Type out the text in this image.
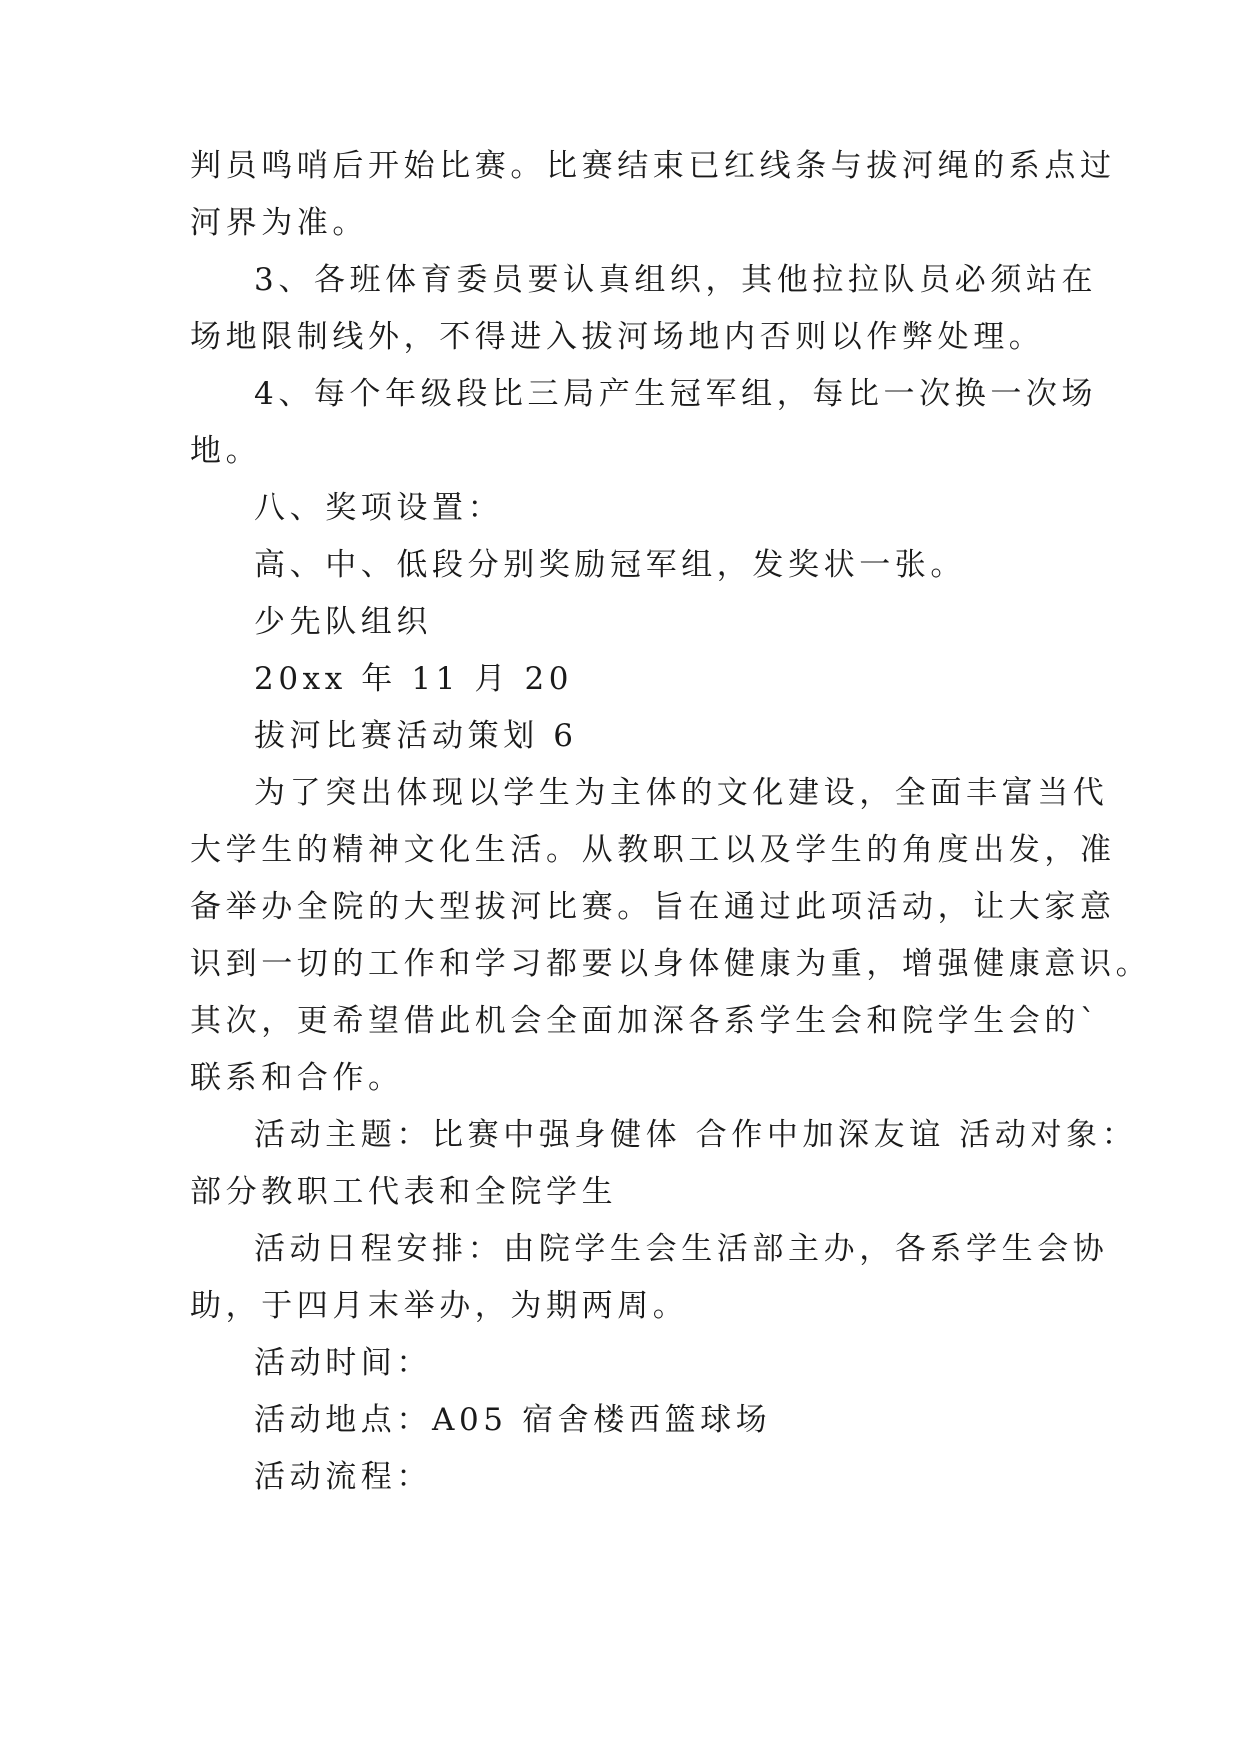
判员鸣哨后开始比赛。比赛结束已红线条与拔河绳的系点过
河界为准。
3、各班体育委员要认真组织，其他拉拉队员必须站在
场地限制线外，不得进入拔河场地内否则以作弊处理。
4、每个年级段比三局产生冠军组，每比一次换一次场
地。
八、奖项设置：
高、中、低段分别奖励冠军组，发奖状一张。
少先队组织
20xx 年 11 月 20
拔河比赛活动策划 6
为了突出体现以学生为主体的文化建设，全面丰富当代
大学生的精神文化生活。从教职工以及学生的角度出发，准
备举办全院的大型拔河比赛。旨在通过此项活动，让大家意
识到一切的工作和学习都要以身体健康为重，增强健康意识。
其次，更希望借此机会全面加深各系学生会和院学生会的`
联系和合作。
活动主题：比赛中强身健体 合作中加深友谊 活动对象：
部分教职工代表和全院学生
活动日程安排：由院学生会生活部主办，各系学生会协
助，于四月末举办，为期两周。
活动时间：
活动地点：A05 宿舍楼西篮球场
活动流程：
